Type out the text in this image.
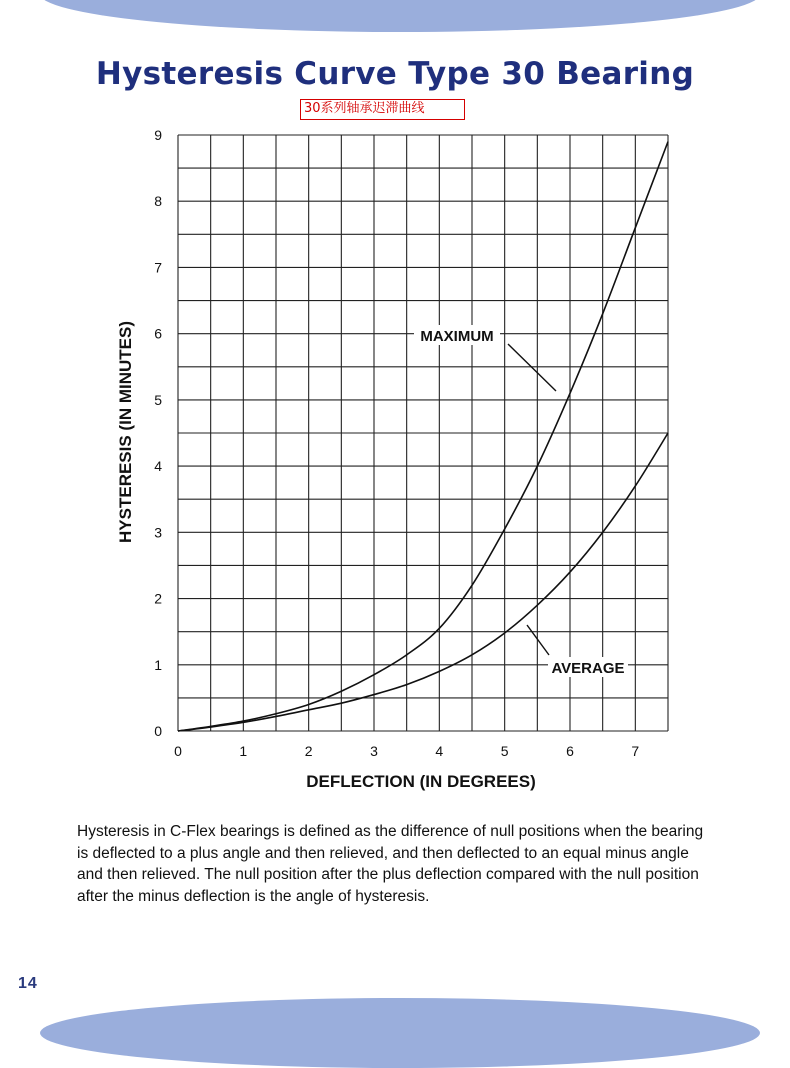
Hysteresis Curve Type 30 Bearing
30系列轴承迟滞曲线
0	1	2	3	4	5	6	7
0
1
2
3
4
5
6
7
8
9
MAXIMUM
AVERAGE
DEFLECTION (IN DEGREES)
HYSTERESIS (IN MINUTES)
Hysteresis in C-Flex bearings is defined as the difference of null positions when the bearing is deflected to a plus angle and then relieved, and then deflected to an equal minus angle and then relieved. The null position after the plus deflection compared with the null position after the minus deflection is the angle of hysteresis.
14
